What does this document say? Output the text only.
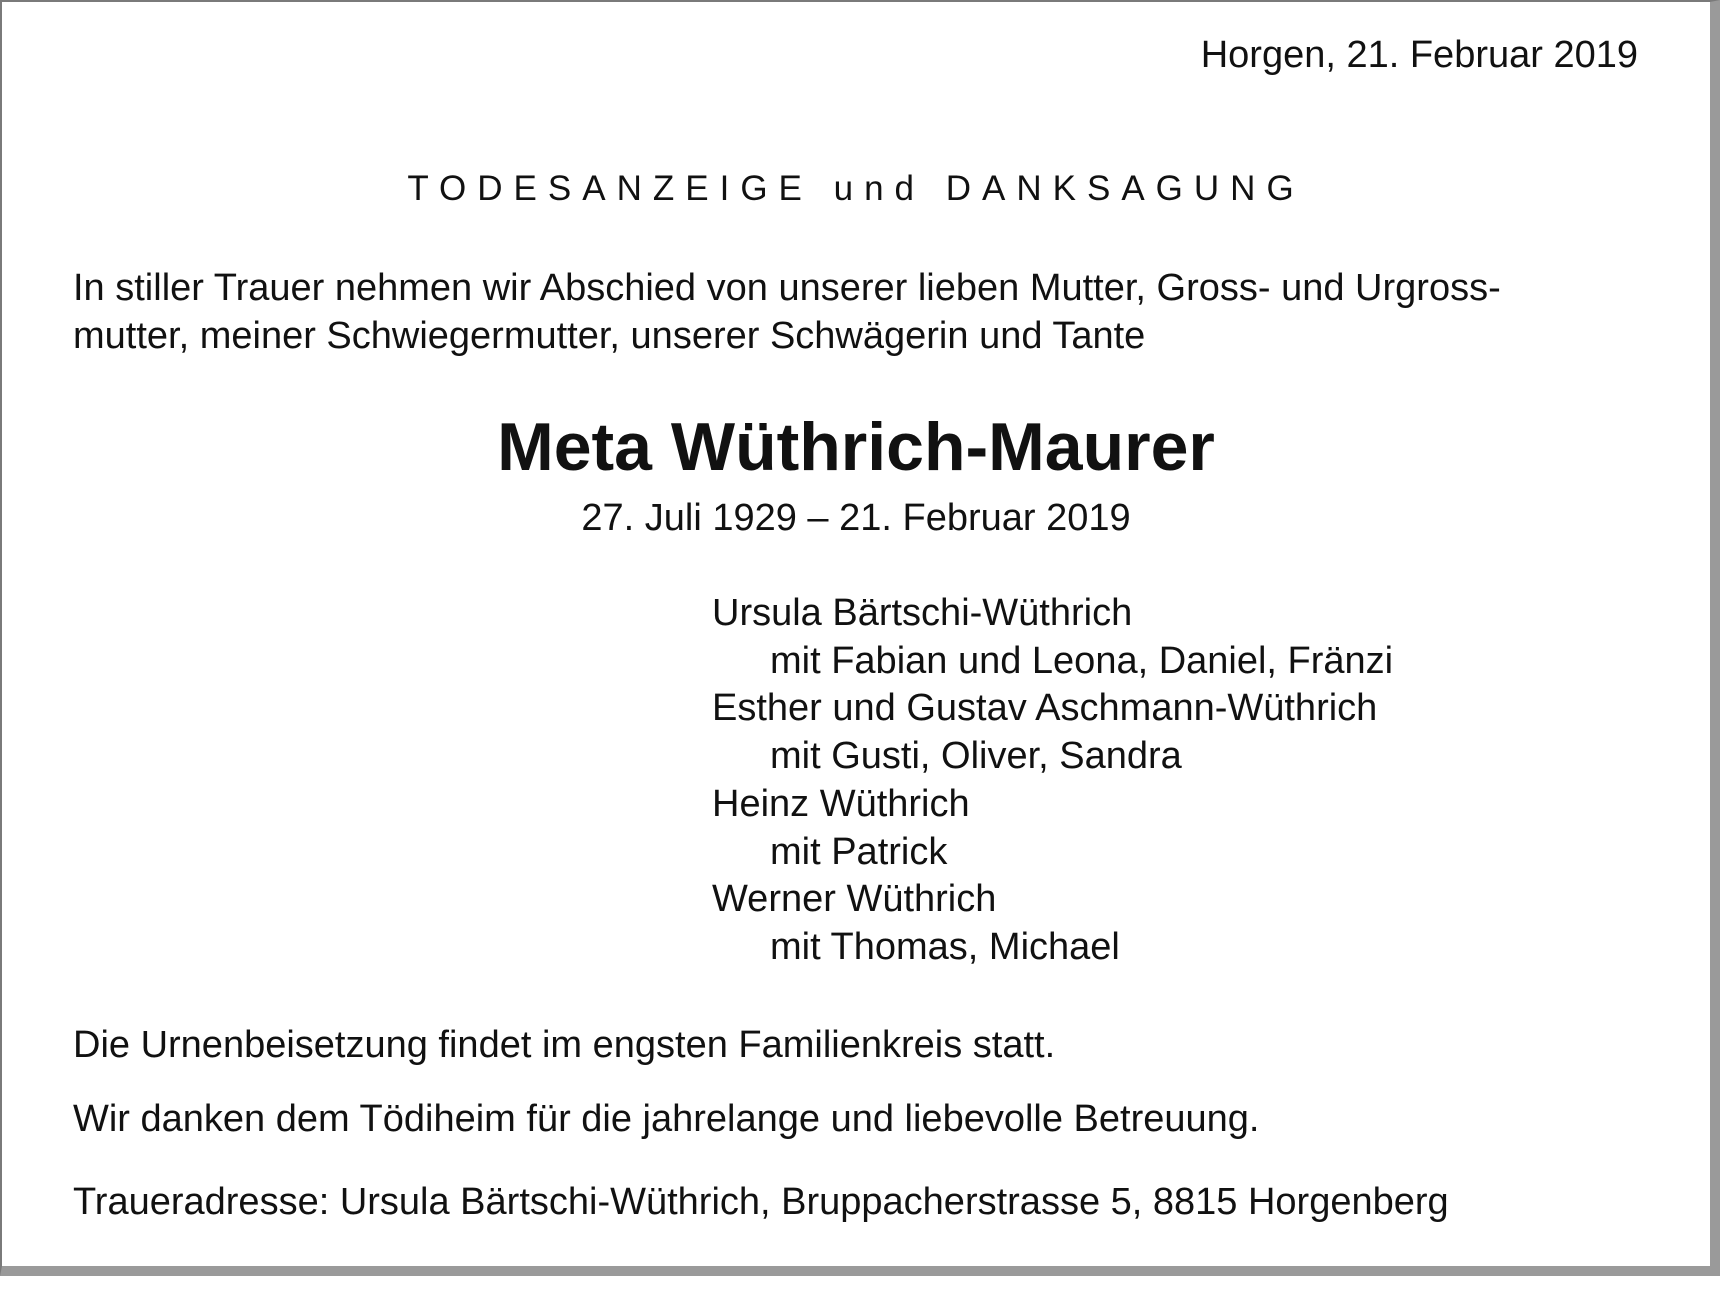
Horgen, 21. Februar 2019
TODESANZEIGE und DANKSAGUNG

In stiller Trauer nehmen wir Abschied von unserer lieben Mutter, Gross- und Urgross-
mutter, meiner Schwiegermutter, unserer Schwägerin und Tante

Meta Wüthrich-Maurer
27. Juli 1929 – 21. Februar 2019
Ursula Bärtschi-Wüthrich
mit Fabian und Leona, Daniel, Fränzi
Esther und Gustav Aschmann-Wüthrich
mit Gusti, Oliver, Sandra
Heinz Wüthrich
mit Patrick
Werner Wüthrich
mit Thomas, Michael

Die Urnenbeisetzung findet im engsten Familienkreis statt.

Wir danken dem Tödiheim für die jahrelange und liebevolle Betreuung.

Traueradresse: Ursula Bärtschi-Wüthrich, Bruppacherstrasse 5, 8815 Horgenberg
